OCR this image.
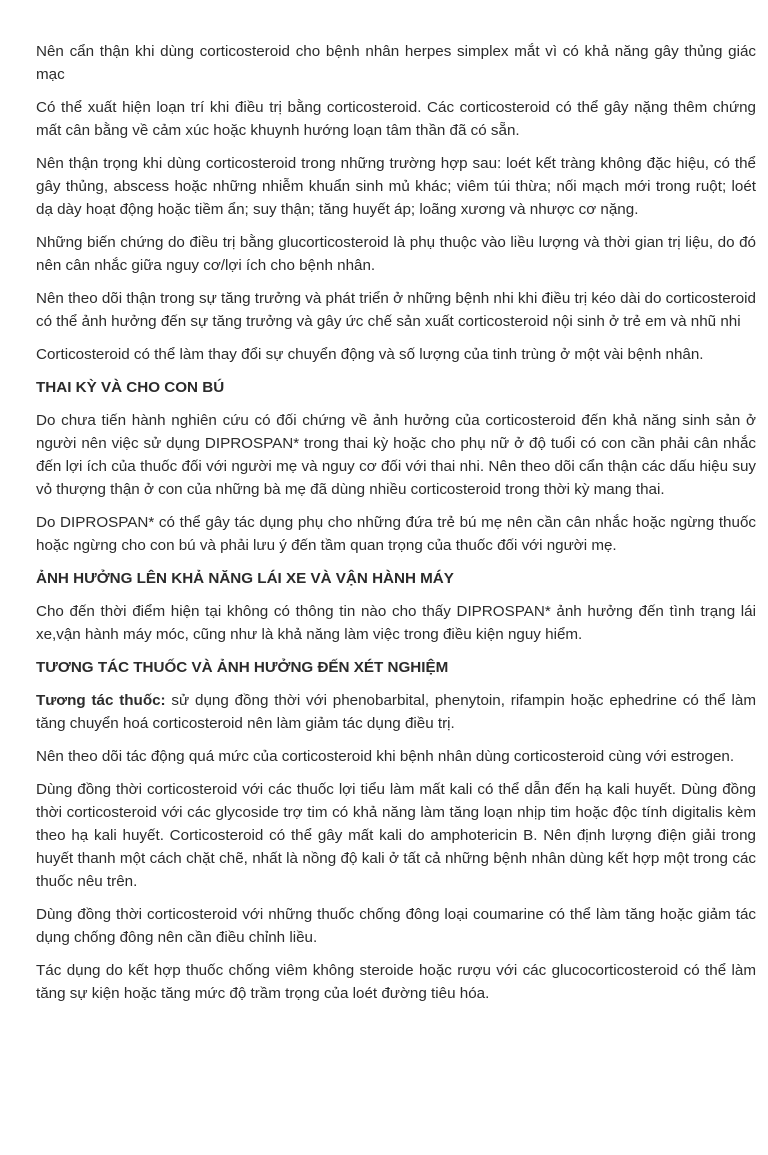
Nên cẩn thận khi dùng corticosteroid cho bệnh nhân herpes simplex mắt vì có khả năng gây thủng giác mạc

Có thể xuất hiện loạn trí khi điều trị bằng corticosteroid. Các corticosteroid có thể gây nặng thêm chứng mất cân bằng về cảm xúc hoặc khuynh hướng loạn tâm thần đã có sẵn.

Nên thận trọng khi dùng corticosteroid trong những trường hợp sau: loét kết tràng không đặc hiệu, có thể gây thủng, abscess hoặc những nhiễm khuẩn sinh mủ khác; viêm túi thừa; nối mạch mới trong ruột; loét dạ dày hoạt động hoặc tiềm ẩn; suy thận; tăng huyết áp; loãng xương và nhược cơ nặng.

Những biến chứng do điều trị bằng glucorticosteroid là phụ thuộc vào liều lượng và thời gian trị liệu, do đó nên cân nhắc giữa nguy cơ/lợi ích cho bệnh nhân.

Nên theo dõi thận trong sự tăng trưởng và phát triển ở những bệnh nhi khi điều trị kéo dài do corticosteroid có thể ảnh hưởng đến sự tăng trưởng và gây ức chế sản xuất corticosteroid nội sinh ở trẻ em và nhũ nhi

Corticosteroid có thể làm thay đổi sự chuyển động và số lượng của tinh trùng ở một vài bệnh nhân.

THAI KỲ VÀ CHO CON BÚ

Do chưa tiến hành nghiên cứu có đối chứng về ảnh hưởng của corticosteroid đến khả năng sinh sản ở người nên việc sử dụng DIPROSPAN* trong thai kỳ hoặc cho phụ nữ ở độ tuổi có con cần phải cân nhắc đến lợi ích của thuốc đối với người mẹ và nguy cơ đối với thai nhi. Nên theo dõi cẩn thận các dấu hiệu suy vỏ thượng thận ở con của những bà mẹ đã dùng nhiều corticosteroid trong thời kỳ mang thai.

Do DIPROSPAN* có thể gây tác dụng phụ cho những đứa trẻ bú mẹ nên cần cân nhắc hoặc ngừng thuốc hoặc ngừng cho con bú và phải lưu ý đến tầm quan trọng của thuốc đối với người mẹ.

ẢNH HƯỞNG LÊN KHẢ NĂNG LÁI XE VÀ VẬN HÀNH MÁY

Cho đến thời điểm hiện tại không có thông tin nào cho thấy DIPROSPAN* ảnh hưởng đến tình trạng lái xe,vận hành máy móc, cũng như là khả năng làm việc trong điều kiện nguy hiểm.

TƯƠNG TÁC THUỐC VÀ ẢNH HƯỞNG ĐẾN XÉT NGHIỆM

Tương tác thuốc: sử dụng đồng thời với phenobarbital, phenytoin, rifampin hoặc ephedrine có thể làm tăng chuyển hoá corticosteroid nên làm giảm tác dụng điều trị.

Nên theo dõi tác động quá mức của corticosteroid khi bệnh nhân dùng corticosteroid cùng với estrogen.

Dùng đồng thời corticosteroid với các thuốc lợi tiểu làm mất kali có thể dẫn đến hạ kali huyết. Dùng đồng thời corticosteroid với các glycoside trợ tim có khả năng làm tăng loạn nhịp tim hoặc độc tính digitalis kèm theo hạ kali huyết. Corticosteroid có thể gây mất kali do amphotericin B. Nên định lượng điện giải trong huyết thanh một cách chặt chẽ, nhất là nồng độ kali ở tất cả những bệnh nhân dùng kết hợp một trong các thuốc nêu trên.

Dùng đồng thời corticosteroid với những thuốc chống đông loại coumarine có thể làm tăng hoặc giảm tác dụng chống đông nên cần điều chỉnh liều.

Tác dụng do kết hợp thuốc chống viêm không steroide hoặc rượu với các glucocorticosteroid có thể làm tăng sự kiện hoặc tăng mức độ trầm trọng của loét đường tiêu hóa.
